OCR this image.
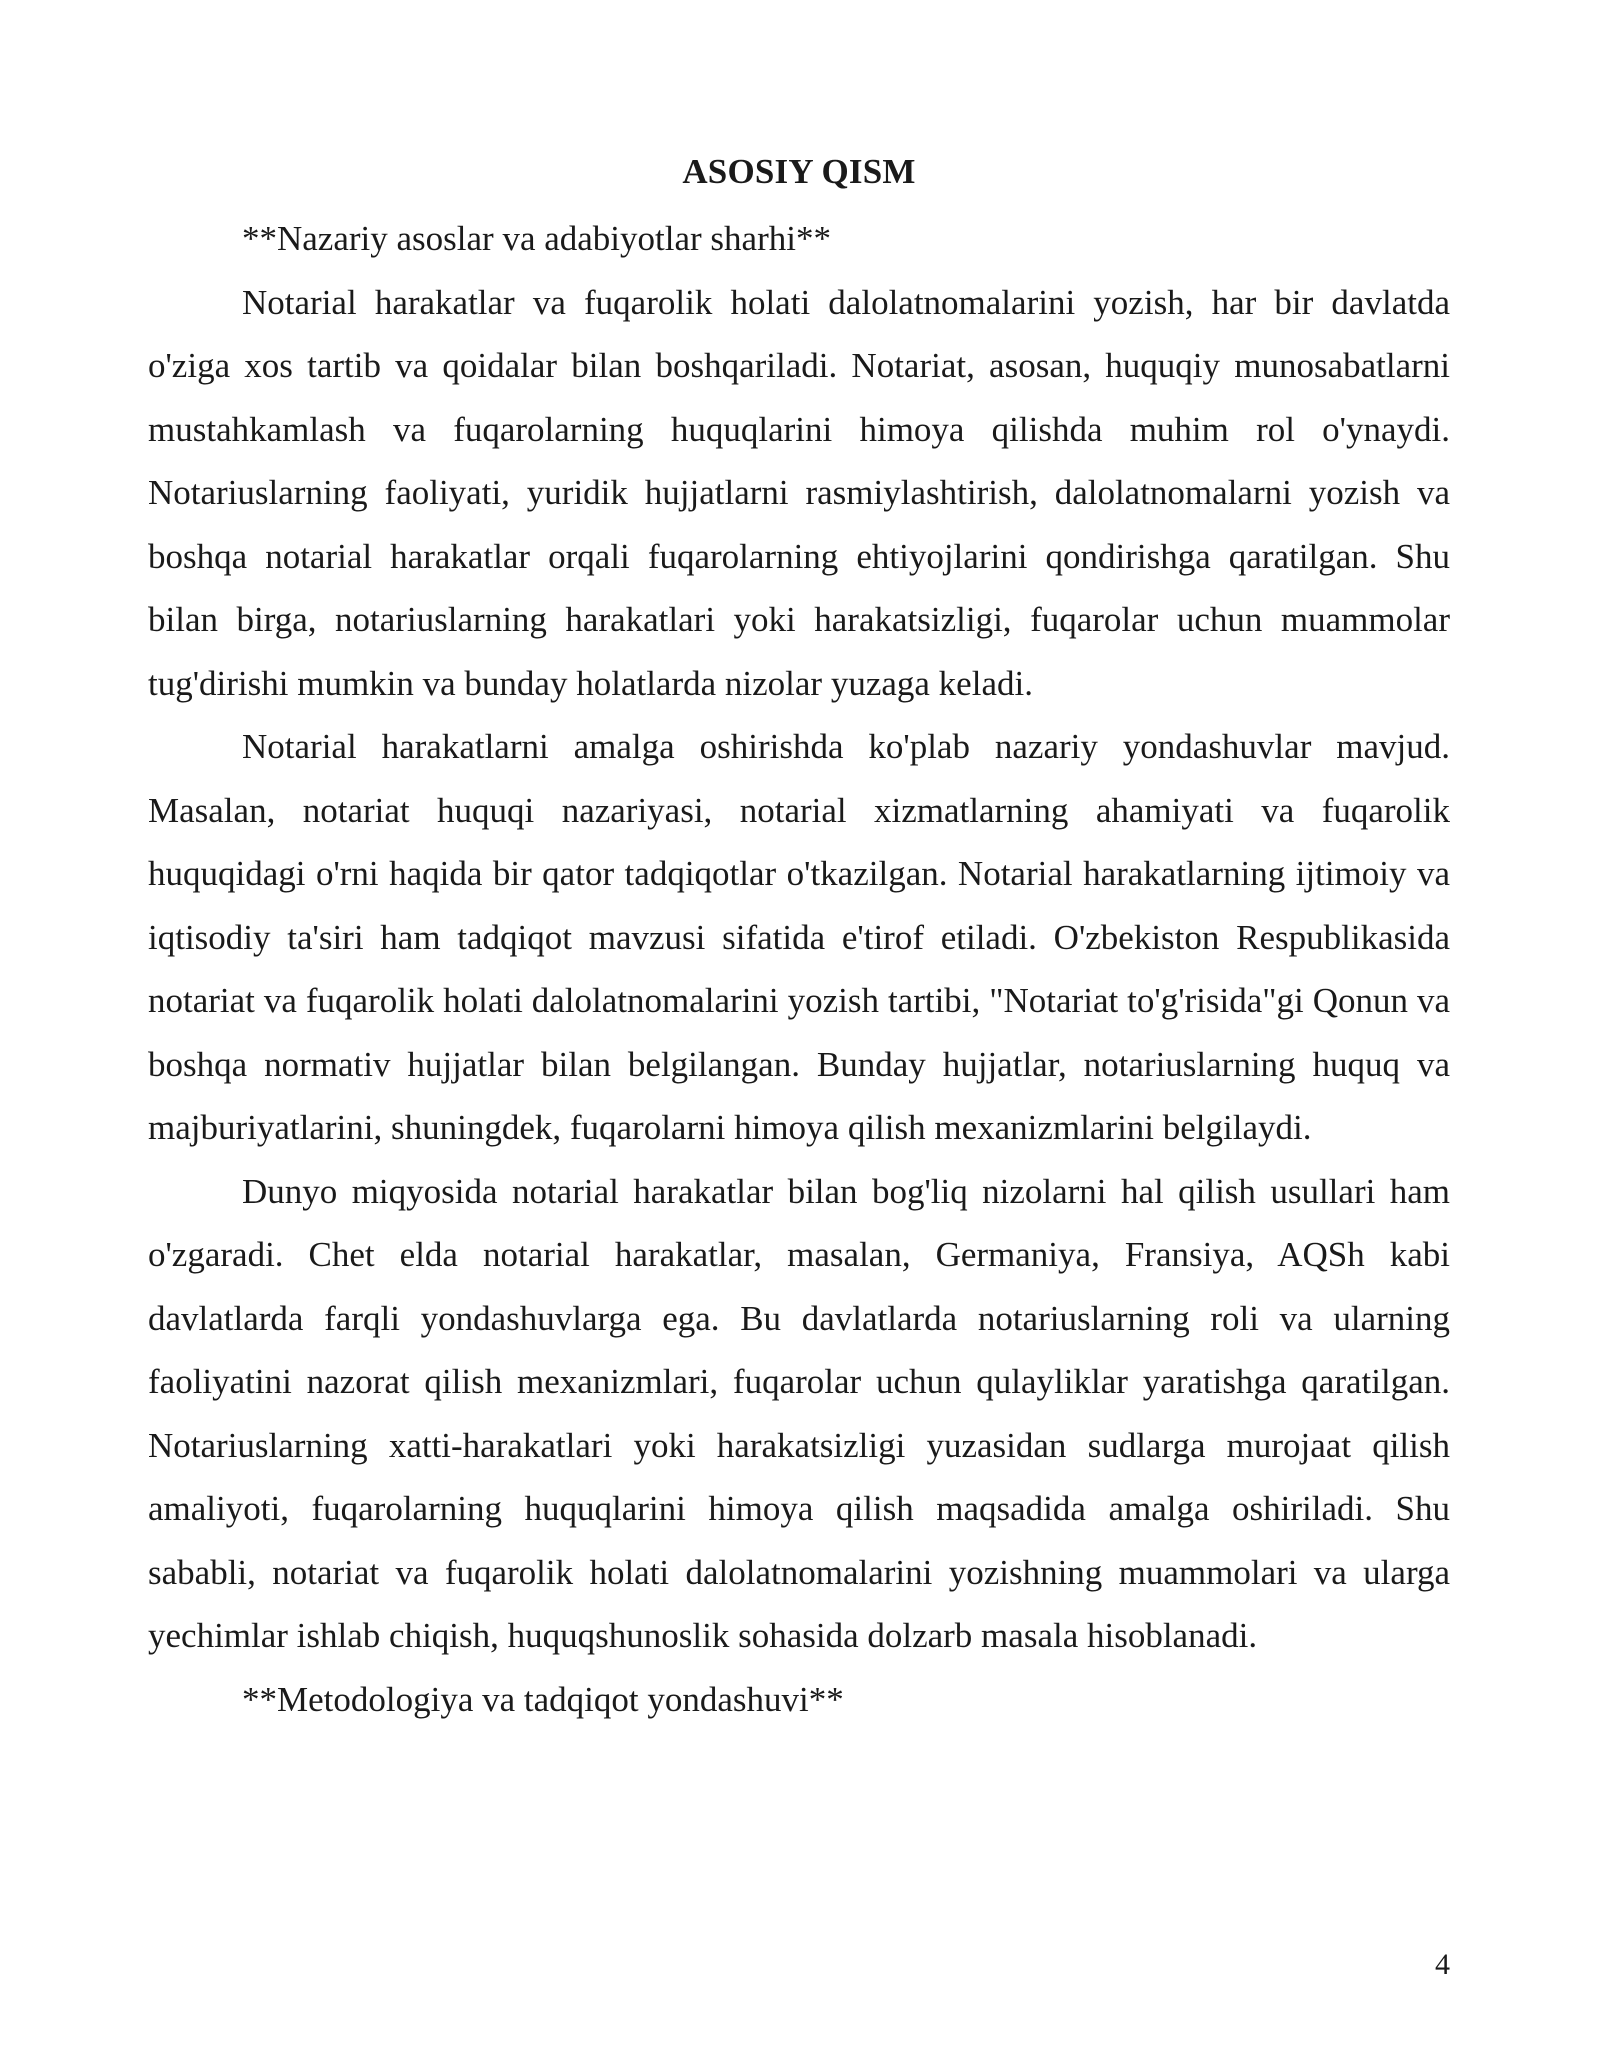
ASOSIY QISM

**Nazariy asoslar va adabiyotlar sharhi**

Notarial harakatlar va fuqarolik holati dalolatnomalarini yozish, har bir davlatda o'ziga xos tartib va qoidalar bilan boshqariladi. Notariat, asosan, huquqiy munosabatlarni mustahkamlash va fuqarolarning huquqlarini himoya qilishda muhim rol o'ynaydi. Notariuslarning faoliyati, yuridik hujjatlarni rasmiylashtirish, dalolatnomalarni yozish va boshqa notarial harakatlar orqali fuqarolarning ehtiyojlarini qondirishga qaratilgan. Shu bilan birga, notariuslarning harakatlari yoki harakatsizligi, fuqarolar uchun muammolar tug'dirishi mumkin va bunday holatlarda nizolar yuzaga keladi.

Notarial harakatlarni amalga oshirishda ko'plab nazariy yondashuvlar mavjud. Masalan, notariat huquqi nazariyasi, notarial xizmatlarning ahamiyati va fuqarolik huquqidagi o'rni haqida bir qator tadqiqotlar o'tkazilgan. Notarial harakatlarning ijtimoiy va iqtisodiy ta'siri ham tadqiqot mavzusi sifatida e'tirof etiladi. O'zbekiston Respublikasida notariat va fuqarolik holati dalolatnomalarini yozish tartibi, "Notariat to'g'risida"gi Qonun va boshqa normativ hujjatlar bilan belgilangan. Bunday hujjatlar, notariuslarning huquq va majburiyatlarini, shuningdek, fuqarolarni himoya qilish mexanizmlarini belgilaydi.

Dunyo miqyosida notarial harakatlar bilan bog'liq nizolarni hal qilish usullari ham o'zgaradi. Chet elda notarial harakatlar, masalan, Germaniya, Fransiya, AQSh kabi davlatlarda farqli yondashuvlarga ega. Bu davlatlarda notariuslarning roli va ularning faoliyatini nazorat qilish mexanizmlari, fuqarolar uchun qulayliklar yaratishga qaratilgan. Notariuslarning xatti-harakatlari yoki harakatsizligi yuzasidan sudlarga murojaat qilish amaliyoti, fuqarolarning huquqlarini himoya qilish maqsadida amalga oshiriladi. Shu sababli, notariat va fuqarolik holati dalolatnomalarini yozishning muammolari va ularga yechimlar ishlab chiqish, huquqshunoslik sohasida dolzarb masala hisoblanadi.

**Metodologiya va tadqiqot yondashuvi**

4
